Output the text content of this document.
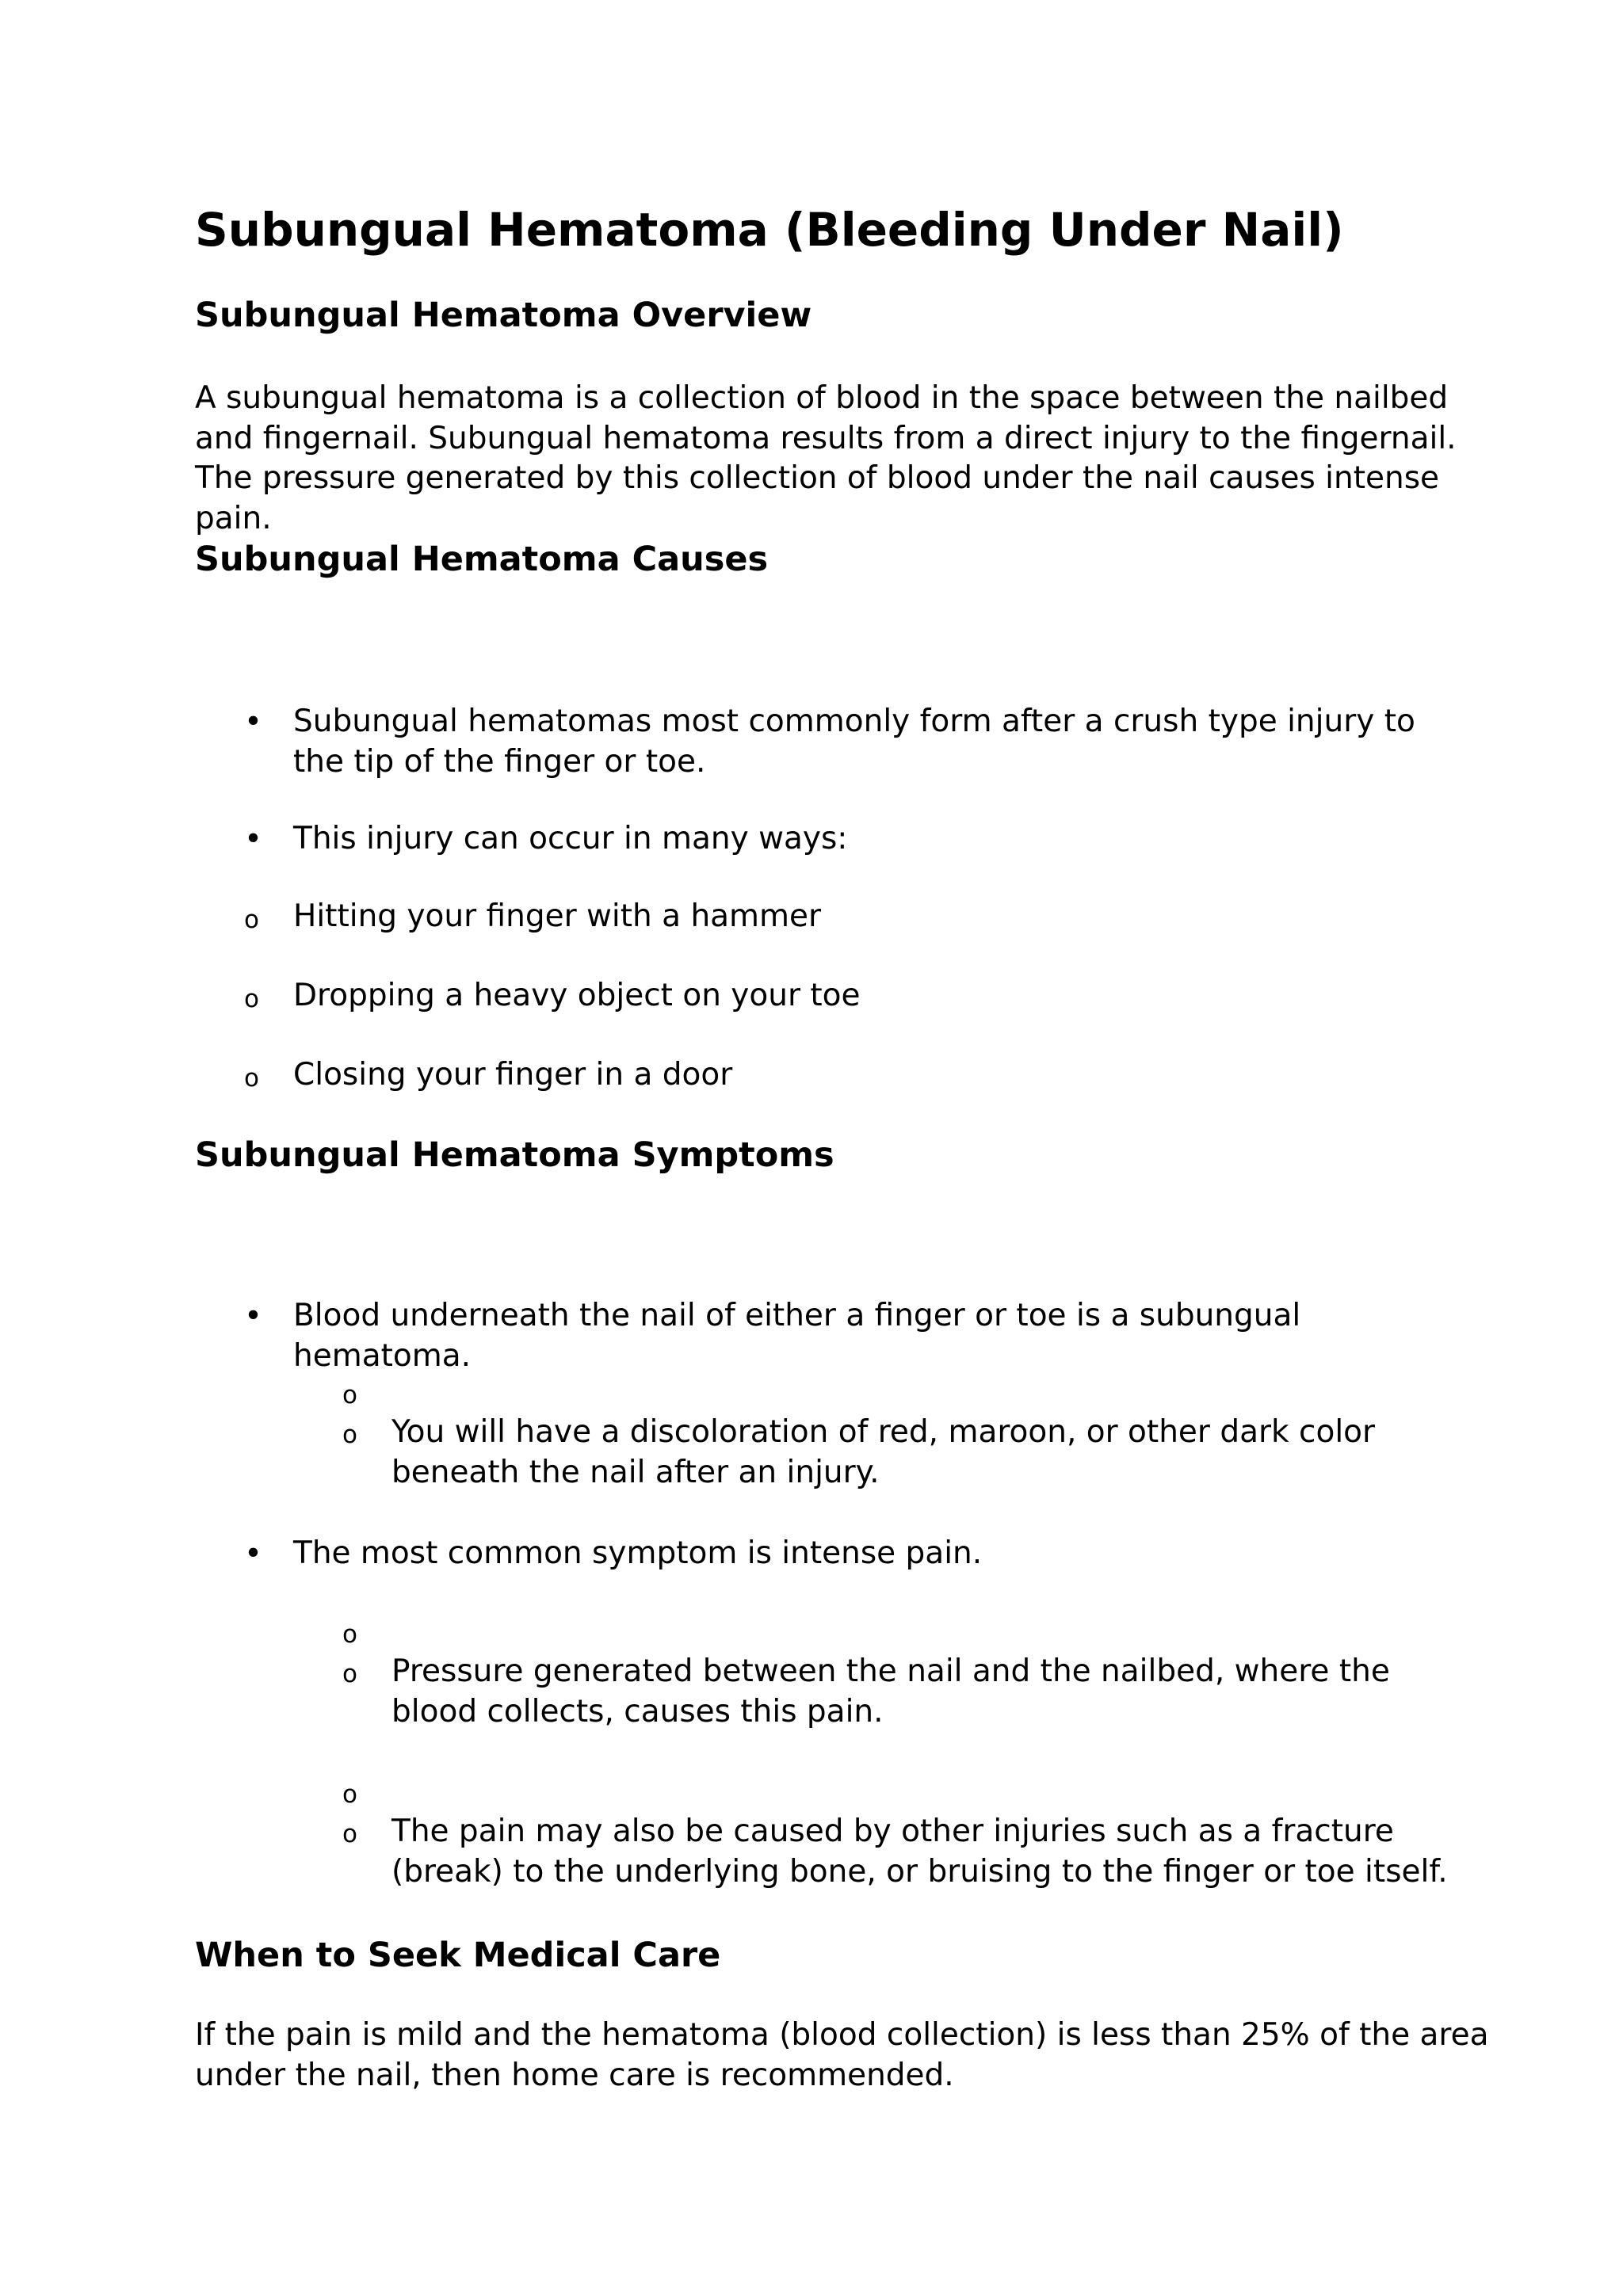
Subungual Hematoma (Bleeding Under Nail)
Subungual Hematoma Overview

A subungual hematoma is a collection of blood in the space between the nailbed and fingernail. Subungual hematoma results from a direct injury to the fingernail. The pressure generated by this collection of blood under the nail causes intense pain.

Subungual Hematoma Causes
• Subungual hematomas most commonly form after a crush type injury to the tip of the finger or toe.

• This injury can occur in many ways:

o Hitting your finger with a hammer

o Dropping a heavy object on your toe

o Closing your finger in a door

Subungual Hematoma Symptoms
• Blood underneath the nail of either a finger or toe is a subungual hematoma.

o
o You will have a discoloration of red, maroon, or other dark color beneath the nail after an injury.

• The most common symptom is intense pain.

o
o Pressure generated between the nail and the nailbed, where the blood collects, causes this pain.

o
o The pain may also be caused by other injuries such as a fracture (break) to the underlying bone, or bruising to the finger or toe itself.

When to Seek Medical Care

If the pain is mild and the hematoma (blood collection) is less than 25% of the area under the nail, then home care is recommended.
